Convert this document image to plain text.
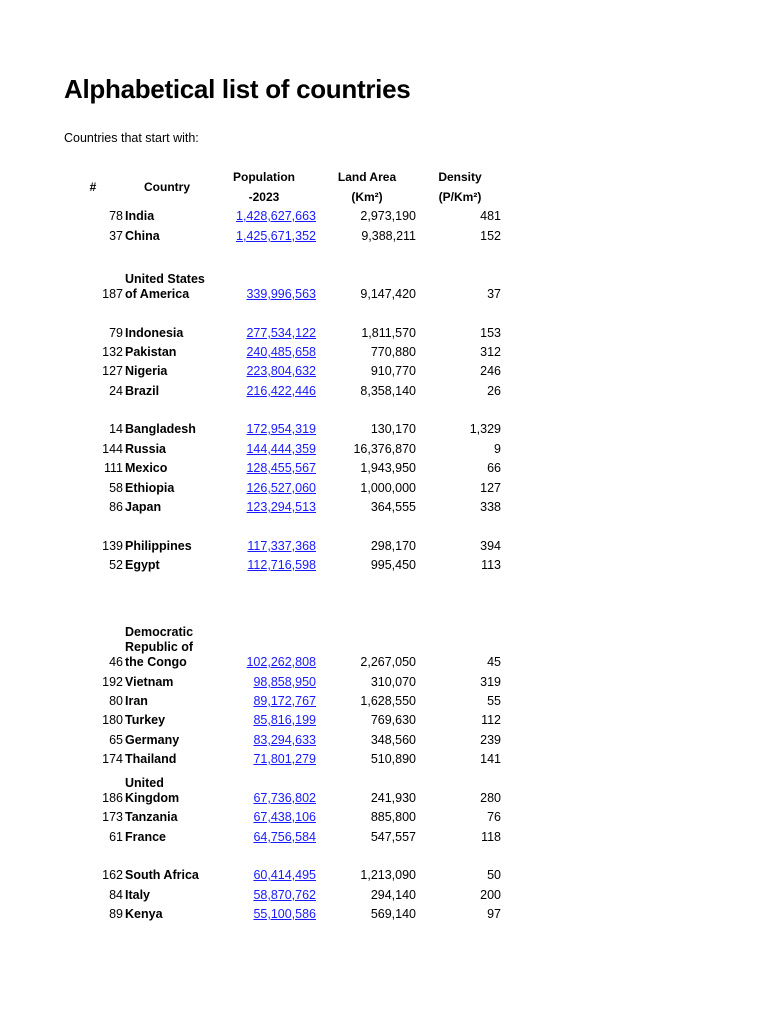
Alphabetical list of countries
Countries that start with:
#	Country
Population
-2023
Land Area
(Km²)
Density
(P/Km²)
78 India	1,428,627,663	2,973,190	481
37 China	1,425,671,352	9,388,211	152
187
United States
of America	339,996,563	9,147,420	37
79 Indonesia	277,534,122	1,811,570	153
132 Pakistan	240,485,658	770,880	312
127 Nigeria	223,804,632	910,770	246
24 Brazil	216,422,446	8,358,140	26
14 Bangladesh	172,954,319	130,170	1,329
144 Russia	144,444,359	16,376,870	9
111 Mexico	128,455,567	1,943,950	66
58 Ethiopia	126,527,060	1,000,000	127
86 Japan	123,294,513	364,555	338
139 Philippines	117,337,368	298,170	394
52 Egypt	112,716,598	995,450	113
46
Democratic
Republic of
the Congo	102,262,808	2,267,050	45
192 Vietnam	98,858,950	310,070	319
80 Iran	89,172,767	1,628,550	55
180 Turkey	85,816,199	769,630	112
65 Germany	83,294,633	348,560	239
174 Thailand	71,801,279	510,890	141
186
United
Kingdom	67,736,802	241,930	280
173 Tanzania	67,438,106	885,800	76
61 France	64,756,584	547,557	118
162 South Africa	60,414,495	1,213,090	50
84 Italy	58,870,762	294,140	200
89 Kenya	55,100,586	569,140	97
